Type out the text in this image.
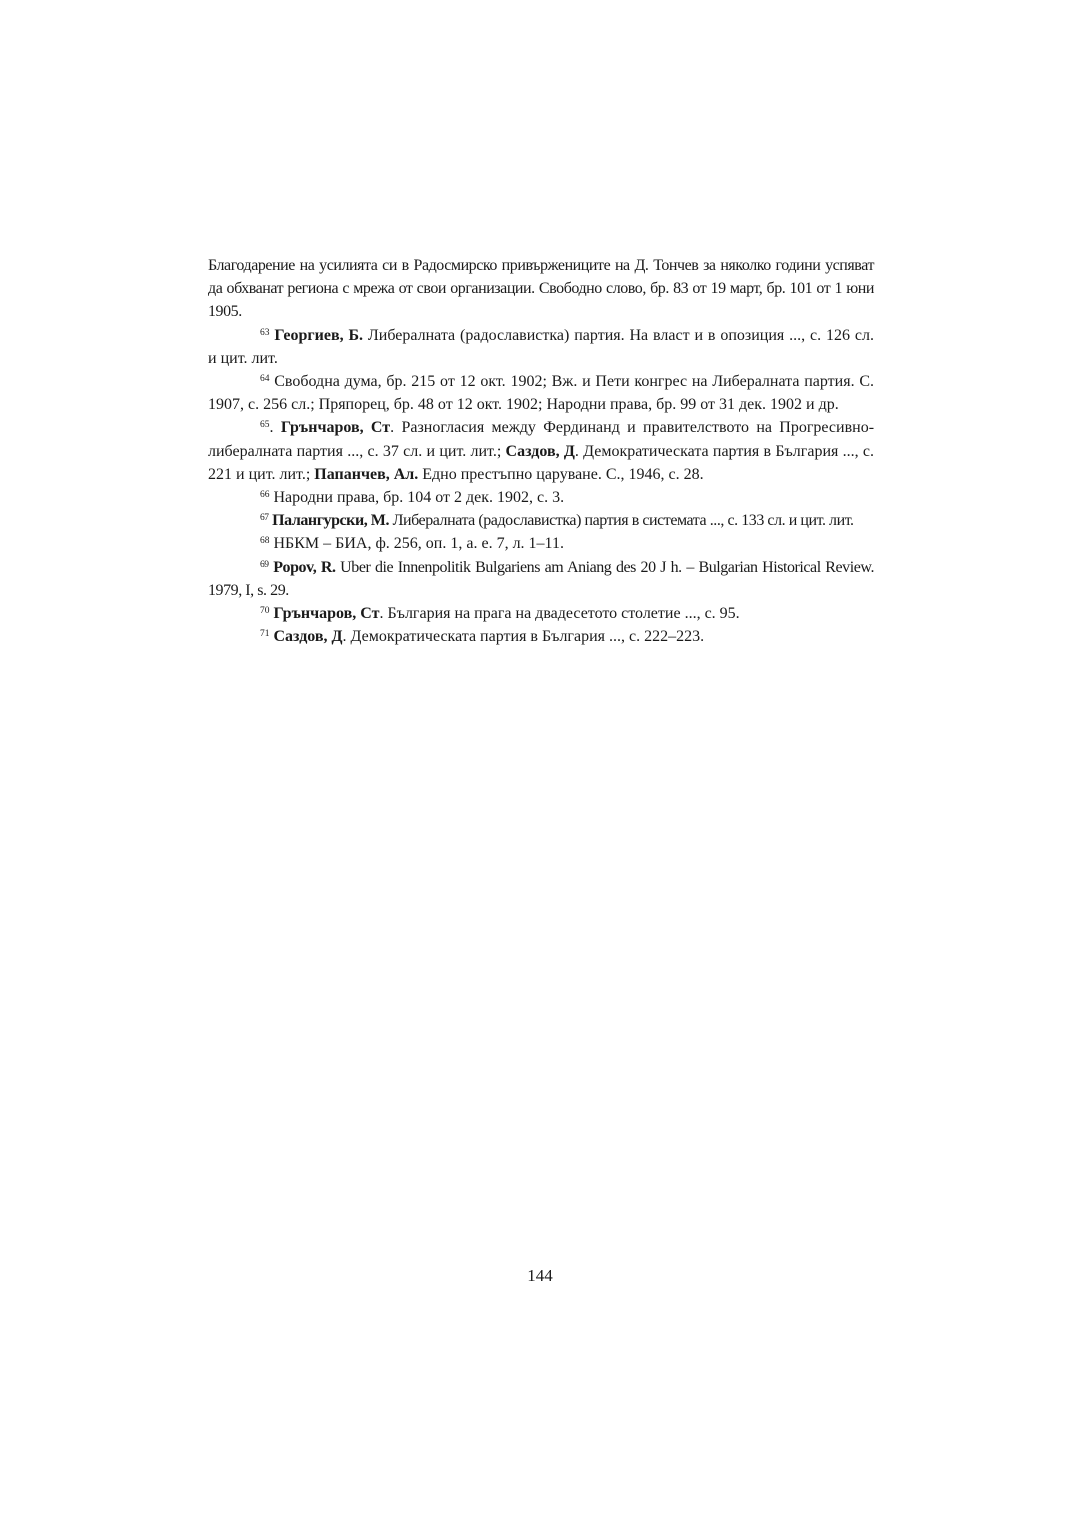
Благодарение на усилията си в Радосмирско привържениците на Д. Тончев за няколко години успяват да обхванат региона с мрежа от свои организации. Свободно слово, бр. 83 от 19 март, бр. 101 от 1 юни 1905.

$^{63}$ Георгиев, Б. Либералната (радославистка) партия. На власт и в опозиция ..., с. 126 сл. и цит. лит.

$^{64}$ Свободна дума, бр. 215 от 12 окт. 1902; Вж. и Пети конгрес на Либералната партия. С. 1907, с. 256 сл.; Пряпорец, бр. 48 от 12 окт. 1902; Народни права, бр. 99 от 31 дек. 1902 и др.

$^{65}$. Грънчаров, Ст. Разногласия между Фердинанд и правителството на Прогресивно-либералната партия ..., с. 37 сл. и цит. лит.; Саздов, Д. Демократическата партия в България ..., с. 221 и цит. лит.; Папанчев, Ал. Едно престъпно царуване. С., 1946, с. 28.

$^{66}$ Народни права, бр. 104 от 2 дек. 1902, с. 3.

$^{67}$ Палангурски, М. Либералната (радославистка) партия в системата ..., с. 133 сл. и цит. лит.

$^{68}$ НБКМ – БИА, ф. 256, оп. 1, а. е. 7, л. 1–11.

$^{69}$ Popov, R. Uber die Innenpolitik Bulgariens am Aniang des 20 J h. – Bulgarian Historical Review. 1979, I, s. 29.

$^{70}$ Грънчаров, Ст. България на прага на двадесетото столетие ..., с. 95.

$^{71}$ Саздов, Д. Демократическата партия в България ..., с. 222–223.

144
